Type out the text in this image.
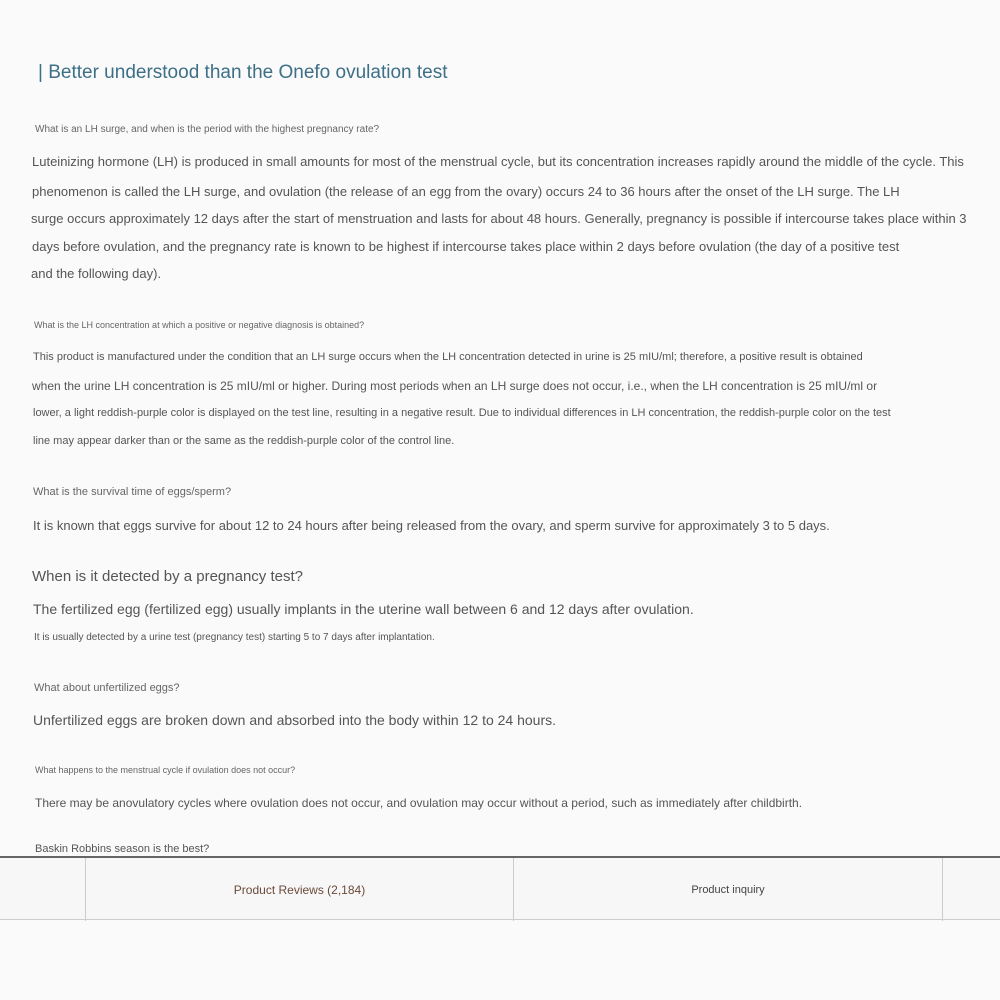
| Better understood than the Onefo ovulation test
What is an LH surge, and when is the period with the highest pregnancy rate?
Luteinizing hormone (LH) is produced in small amounts for most of the menstrual cycle, but its concentration increases rapidly around the middle of the cycle. This
phenomenon is called the LH surge, and ovulation (the release of an egg from the ovary) occurs 24 to 36 hours after the onset of the LH surge. The LH
surge occurs approximately 12 days after the start of menstruation and lasts for about 48 hours. Generally, pregnancy is possible if intercourse takes place within 3
days before ovulation, and the pregnancy rate is known to be highest if intercourse takes place within 2 days before ovulation (the day of a positive test
and the following day).
What is the LH concentration at which a positive or negative diagnosis is obtained?
This product is manufactured under the condition that an LH surge occurs when the LH concentration detected in urine is 25 mIU/ml; therefore, a positive result is obtained
when the urine LH concentration is 25 mIU/ml or higher. During most periods when an LH surge does not occur, i.e., when the LH concentration is 25 mIU/ml or
lower, a light reddish-purple color is displayed on the test line, resulting in a negative result. Due to individual differences in LH concentration, the reddish-purple color on the test
line may appear darker than or the same as the reddish-purple color of the control line.
What is the survival time of eggs/sperm?
It is known that eggs survive for about 12 to 24 hours after being released from the ovary, and sperm survive for approximately 3 to 5 days.
When is it detected by a pregnancy test?
The fertilized egg (fertilized egg) usually implants in the uterine wall between 6 and 12 days after ovulation.
It is usually detected by a urine test (pregnancy test) starting 5 to 7 days after implantation.
What about unfertilized eggs?
Unfertilized eggs are broken down and absorbed into the body within 12 to 24 hours.
What happens to the menstrual cycle if ovulation does not occur?
There may be anovulatory cycles where ovulation does not occur, and ovulation may occur without a period, such as immediately after childbirth.
Baskin Robbins season is the best?
Product Reviews (2,184)	Product inquiry
